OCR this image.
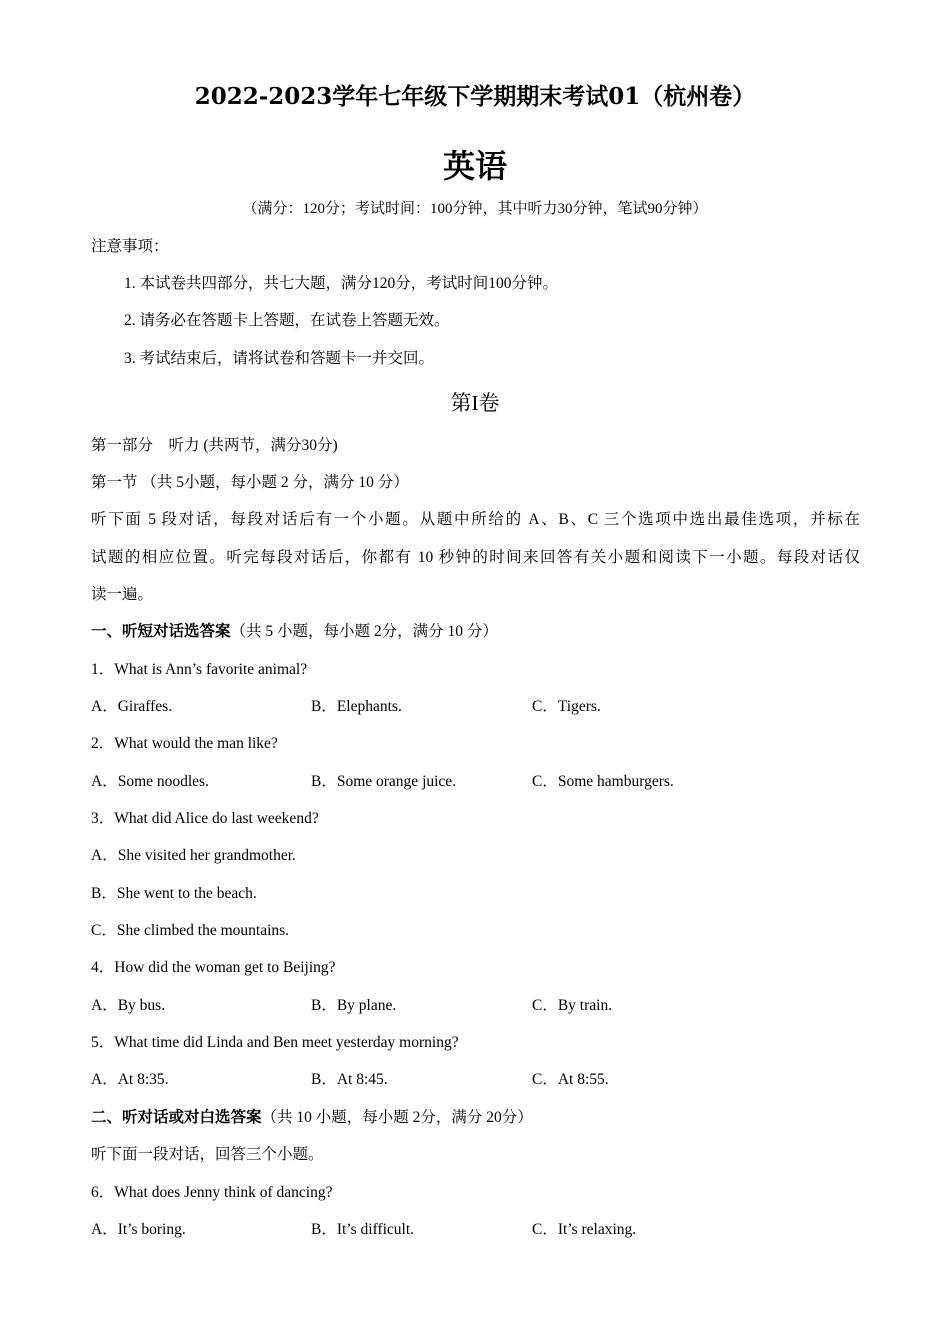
2022-2023学年七年级下学期期末考试01（杭州卷）
英语
（满分：120分；考试时间：100分钟，其中听力30分钟，笔试90分钟）
注意事项：
1. 本试卷共四部分，共七大题，满分120分，考试时间100分钟。
2. 请务必在答题卡上答题，在试卷上答题无效。
3. 考试结束后，请将试卷和答题卡一并交回。
第I卷
第一部分　听力 (共两节，满分30分)
第一节 （共 5小题，每小题 2 分，满分 10 分）
听下面 5 段对话，每段对话后有一个小题。从题中所给的 A、B、C 三个选项中选出最佳选项，并标在
试题的相应位置。听完每段对话后，你都有 10 秒钟的时间来回答有关小题和阅读下一小题。每段对话仅
读一遍。
一、听短对话选答案（共 5 小题，每小题 2分，满分 10 分）
1．What is Ann’s favorite animal?
A．Giraffes.	B．Elephants.	C．Tigers.
2．What would the man like?
A．Some noodles.	B．Some orange juice.	C．Some hamburgers.
3．What did Alice do last weekend?
A．She visited her grandmother.
B．She went to the beach.
C．She climbed the mountains.
4．How did the woman get to Beijing?
A．By bus.	B．By plane.	C．By train.
5．What time did Linda and Ben meet yesterday morning?
A．At 8:35.	B．At 8:45.	C．At 8:55.
二、听对话或对白选答案（共 10 小题，每小题 2分，满分 20分）
听下面一段对话，回答三个小题。
6．What does Jenny think of dancing?
A．It’s boring.	B．It’s difficult.	C．It’s relaxing.
